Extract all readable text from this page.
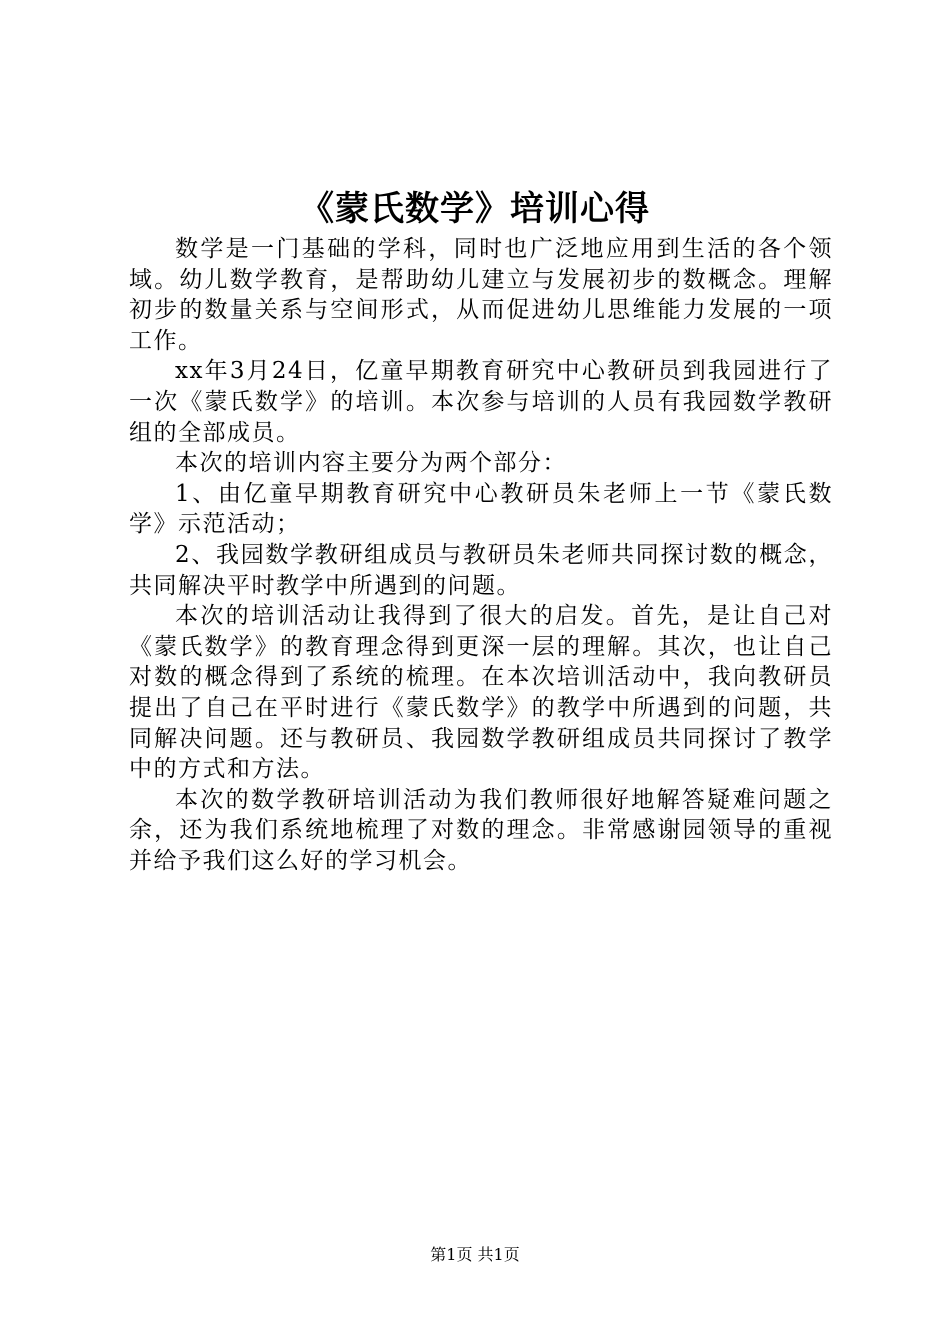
《蒙氏数学》培训心得

数学是一门基础的学科，同时也广泛地应用到生活的各个领域。幼儿数学教育，是帮助幼儿建立与发展初步的数概念。理解初步的数量关系与空间形式，从而促进幼儿思维能力发展的一项工作。

xx年3月24日，亿童早期教育研究中心教研员到我园进行了一次《蒙氏数学》的培训。本次参与培训的人员有我园数学教研组的全部成员。

本次的培训内容主要分为两个部分：

1、由亿童早期教育研究中心教研员朱老师上一节《蒙氏数学》示范活动；

2、我园数学教研组成员与教研员朱老师共同探讨数的概念，共同解决平时教学中所遇到的问题。

本次的培训活动让我得到了很大的启发。首先，是让自己对《蒙氏数学》的教育理念得到更深一层的理解。其次，也让自己对数的概念得到了系统的梳理。在本次培训活动中，我向教研员提出了自己在平时进行《蒙氏数学》的教学中所遇到的问题，共同解决问题。还与教研员、我园数学教研组成员共同探讨了教学中的方式和方法。

本次的数学教研培训活动为我们教师很好地解答疑难问题之余，还为我们系统地梳理了对数的理念。非常感谢园领导的重视并给予我们这么好的学习机会。

第1页 共1页
